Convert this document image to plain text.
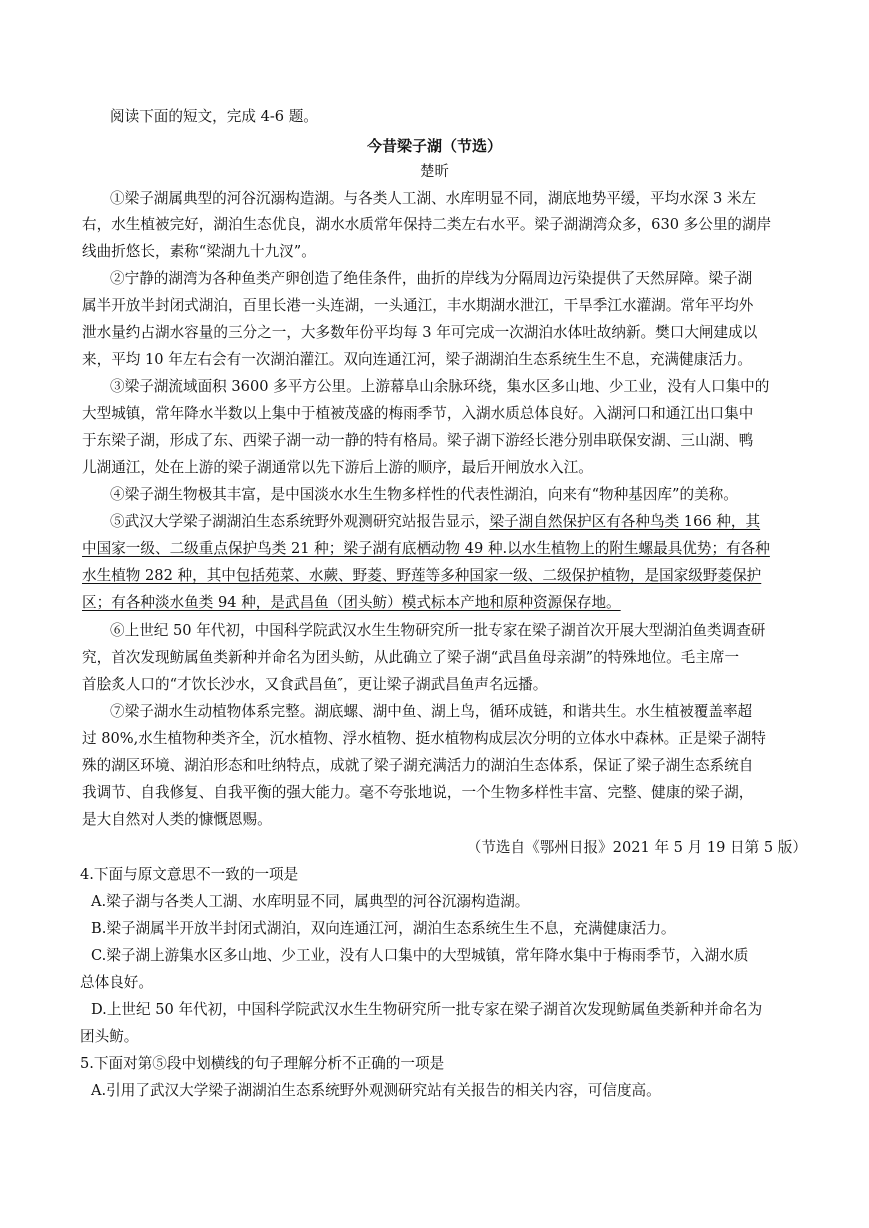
阅读下面的短文，完成 4-6 题。
今昔梁子湖（节选）
楚昕
①梁子湖属典型的河谷沉溺构造湖。与各类人工湖、水库明显不同，湖底地势平缓，平均水深 3 米左
右，水生植被完好，湖泊生态优良，湖水水质常年保持二类左右水平。梁子湖湖湾众多，630 多公里的湖岸
线曲折悠长，素称“梁湖九十九汊”。
②宁静的湖湾为各种鱼类产卵创造了绝佳条件，曲折的岸线为分隔周边污染提供了天然屏障。梁子湖
属半开放半封闭式湖泊，百里长港一头连湖，一头通江，丰水期湖水泄江，干旱季江水灌湖。常年平均外
泄水量约占湖水容量的三分之一，大多数年份平均每 3 年可完成一次湖泊水体吐故纳新。樊口大闸建成以
来，平均 10 年左右会有一次湖泊灌江。双向连通江河，梁子湖湖泊生态系统生生不息，充满健康活力。
③梁子湖流域面积 3600 多平方公里。上游幕阜山余脉环绕，集水区多山地、少工业，没有人口集中的
大型城镇，常年降水半数以上集中于植被茂盛的梅雨季节，入湖水质总体良好。入湖河口和通江出口集中
于东梁子湖，形成了东、西梁子湖一动一静的特有格局。梁子湖下游经长港分别串联保安湖、三山湖、鸭
儿湖通江，处在上游的梁子湖通常以先下游后上游的顺序，最后开闸放水入江。
④梁子湖生物极其丰富，是中国淡水水生生物多样性的代表性湖泊，向来有“物种基因库”的美称。
⑤武汉大学梁子湖湖泊生态系统野外观测研究站报告显示，梁子湖自然保护区有各种鸟类 166 种，其
中国家一级、二级重点保护鸟类 21 种；梁子湖有底栖动物 49 种.以水生植物上的附生螺最具优势；有各种
水生植物 282 种，其中包括苑菜、水蕨、野菱、野莲等多种国家一级、二级保护植物，是国家级野菱保护
区；有各种淡水鱼类 94 种，是武昌鱼（团头鲂）模式标本产地和原种资源保存地。
⑥上世纪 50 年代初，中国科学院武汉水生生物研究所一批专家在梁子湖首次开展大型湖泊鱼类调查研
究，首次发现鲂属鱼类新种并命名为团头鲂，从此确立了梁子湖“武昌鱼母亲湖”的特殊地位。毛主席一
首脍炙人口的“才饮长沙水，又食武昌鱼″，更让梁子湖武昌鱼声名远播。
⑦梁子湖水生动植物体系完整。湖底螺、湖中鱼、湖上鸟，循环成链，和谐共生。水生植被覆盖率超
过 80%,水生植物种类齐全，沉水植物、浮水植物、挺水植物构成层次分明的立体水中森林。正是梁子湖特
殊的湖区环境、湖泊形态和吐纳特点，成就了梁子湖充满活力的湖泊生态体系，保证了梁子湖生态系统自
我调节、自我修复、自我平衡的强大能力。毫不夸张地说，一个生物多样性丰富、完整、健康的梁子湖，
是大自然对人类的慷慨恩赐。
（节选自《鄂州日报》2021 年 5 月 19 日第 5 版）
4.下面与原文意思不一致的一项是
A.梁子湖与各类人工湖、水库明显不同，属典型的河谷沉溺构造湖。
B.梁子湖属半开放半封闭式湖泊，双向连通江河，湖泊生态系统生生不息，充满健康活力。
C.梁子湖上游集水区多山地、少工业，没有人口集中的大型城镇，常年降水集中于梅雨季节，入湖水质
总体良好。
D.上世纪 50 年代初，中国科学院武汉水生生物研究所一批专家在梁子湖首次发现鲂属鱼类新种并命名为
团头鲂。
5.下面对第⑤段中划横线的句子理解分析不正确的一项是
A.引用了武汉大学梁子湖湖泊生态系统野外观测研究站有关报告的相关内容，可信度高。
